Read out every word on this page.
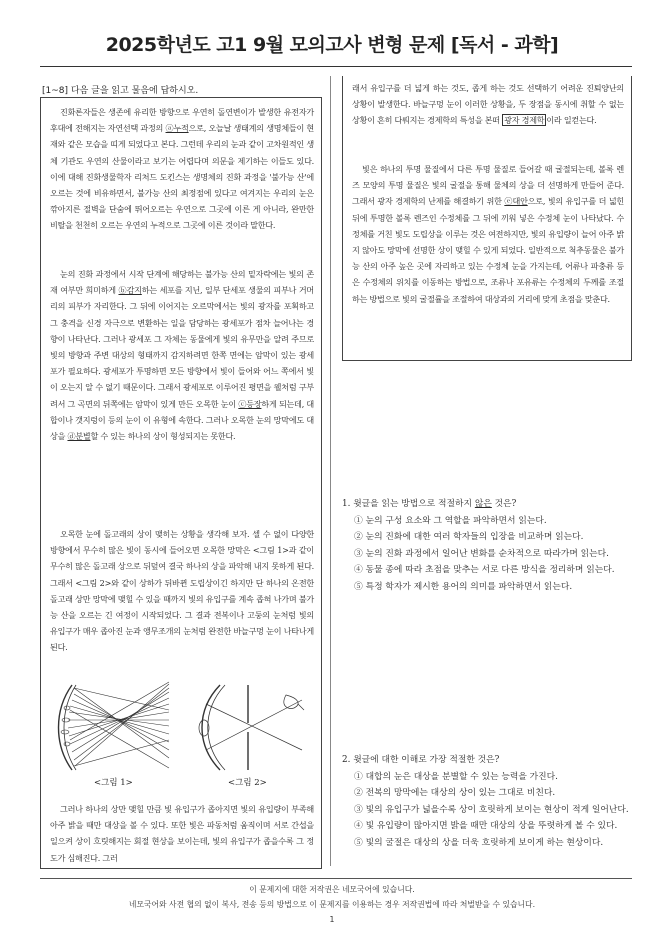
2025학년도 고1 9월 모의고사 변형 문제 [독서 - 과학]
[1~8] 다음 글을 읽고 물음에 답하시오.
진화론자들은 생존에 유리한 방향으로 우연히 돌연변이가 발생한 유전자가 후대에 전해지는 자연선택 과정의 ⓐ누적으로, 오늘날 생태계의 생명체들이 현재와 같은 모습을 띠게 되었다고 본다. 그런데 우리의 눈과 같이 고차원적인 생체 기관도 우연의 산물이라고 보기는 어렵다며 의문을 제기하는 이들도 있다. 이에 대해 진화생물학자 리처드 도킨스는 생명체의 진화 과정을 '불가능 산'에 오르는 것에 비유하면서, 불가능 산의 최정점에 있다고 여겨지는 우리의 눈은 깎아지른 절벽을 단숨에 뛰어오르는 우연으로 그곳에 이른 게 아니라, 완만한 비탈을 천천히 오르는 우연의 누적으로 그곳에 이른 것이라 말한다.
눈의 진화 과정에서 시작 단계에 해당하는 불가능 산의 밑자락에는 빛의 존재 여부만 희미하게 ⓑ감지하는 세포를 지닌, 일부 단세포 생물의 피부나 거머리의 피부가 자리한다. 그 뒤에 이어지는 오르막에서는 빛의 광자를 포획하고 그 충격을 신경 자극으로 변환하는 일을 담당하는 광세포가 점차 늘어나는 경향이 나타난다. 그러나 광세포 그 자체는 동물에게 빛의 유무만을 알려 주므로 빛의 방향과 주변 대상의 형태까지 감지하려면 한쪽 면에는 암막이 있는 광세포가 필요하다. 광세포가 투명하면 모든 방향에서 빛이 들어와 어느 쪽에서 빛이 오는지 알 수 없기 때문이다. 그래서 광세포로 이루어진 평면을 웰처럼 구부려서 그 곡면의 뒤쪽에는 암막이 있게 만든 오목한 눈이 ⓒ등장하게 되는데, 대합이나 갯지렁이 등의 눈이 이 유형에 속한다. 그러나 오목한 눈의 망막에도 대상을 ⓓ분별할 수 있는 하나의 상이 형성되지는 못한다.
오목한 눈에 돌고래의 상이 맺히는 상황을 생각해 보자. 셀 수 없이 다양한 방향에서 무수히 많은 빛이 동시에 들어오면 오목한 망막은 <그림 1>과 같이 무수히 많은 돌고래 상으로 뒤덮여 결국 하나의 상을 파악해 내지 못하게 된다. 그래서 <그림 2>와 같이 상하가 뒤바뀐 도립상이긴 하지만 단 하나의 온전한 돌고래 상만 망막에 맺힐 수 있을 때까지 빛의 유입구를 계속 좁혀 나가며 불가능 산을 오르는 긴 여정이 시작되었다. 그 결과 전복이나 고둥의 눈처럼 빛의 유입구가 매우 좁아진 눈과 앵무조개의 눈처럼 완전한 바늘구멍 눈이 나타나게 된다.
<그림 1>	<그림 2>
그러나 하나의 상만 맺힐 만큼 빛 유입구가 좁아지면 빛의 유입량이 부족해 아주 밝을 때만 대상을 볼 수 있다. 또한 빛은 파동처럼 움직이며 서로 간섭을 일으켜 상이 흐릿해지는 회절 현상을 보이는데, 빛의 유입구가 좁을수록 그 정도가 심해진다. 그러
래서 유입구를 더 넓게 하는 것도, 좁게 하는 것도 선택하기 어려운 진퇴양난의 상황이 발생한다. 바늘구멍 눈이 이러한 상황을, 두 장점을 동시에 취할 수 없는 상황이 흔히 다뤄지는 경제학의 특성을 본떠 광자 경제학 이라 일컫는다.
빛은 하나의 투명 물질에서 다른 투명 물질로 들어갈 때 굴절되는데, 볼록 렌즈 모양의 투명 물질은 빛의 굴절을 통해 물체의 상을 더 선명하게 만들어 준다. 그래서 광자 경제학의 난제를 해결하기 위한 ⓔ대안으로, 빛의 유입구를 더 넓힌 뒤에 투명한 볼록 렌즈인 수정체를 그 뒤에 끼워 넣은 수정체 눈이 나타났다. 수정체를 거친 빛도 도립상을 이루는 것은 여전하지만, 빛의 유입량이 늘어 아주 밝지 않아도 망막에 선명한 상이 맺힐 수 있게 되었다. 일반적으로 척추동물은 불가능 산의 아주 높은 곳에 자리하고 있는 수정체 눈을 가지는데, 어류나 파충류 등은 수정체의 위치를 이동하는 방법으로, 조류나 포유류는 수정체의 두께를 조절하는 방법으로 빛의 굴절률을 조절하여 대상과의 거리에 맞게 초점을 맞춘다.
1. 윗글을 읽는 방법으로 적절하지 않은 것은?
① 눈의 구성 요소와 그 역할을 파악하면서 읽는다.
② 눈의 진화에 대한 여러 학자들의 입장을 비교하며 읽는다.
③ 눈의 진화 과정에서 일어난 변화를 순차적으로 따라가며 읽는다.
④ 동물 종에 따라 초점을 맞추는 서로 다른 방식을 정리하며 읽는다.
⑤ 특정 학자가 제시한 용어의 의미를 파악하면서 읽는다.
2. 윗글에 대한 이해로 가장 적절한 것은?
① 대합의 눈은 대상을 분별할 수 있는 능력을 가진다.
② 전복의 망막에는 대상의 상이 있는 그대로 비친다.
③ 빛의 유입구가 넓을수록 상이 흐릿하게 보이는 현상이 적게 일어난다.
④ 빛 유입량이 많아지면 밝을 때만 대상의 상을 뚜렷하게 볼 수 있다.
⑤ 빛의 굴절은 대상의 상을 더욱 흐릿하게 보이게 하는 현상이다.
이 문제지에 대한 저작권은 네모국어에 있습니다.
네모국어와 사전 협의 없이 복사, 전송 등의 방법으로 이 문제지를 이용하는 경우 저작권법에 따라 처벌받을 수 있습니다.
1
